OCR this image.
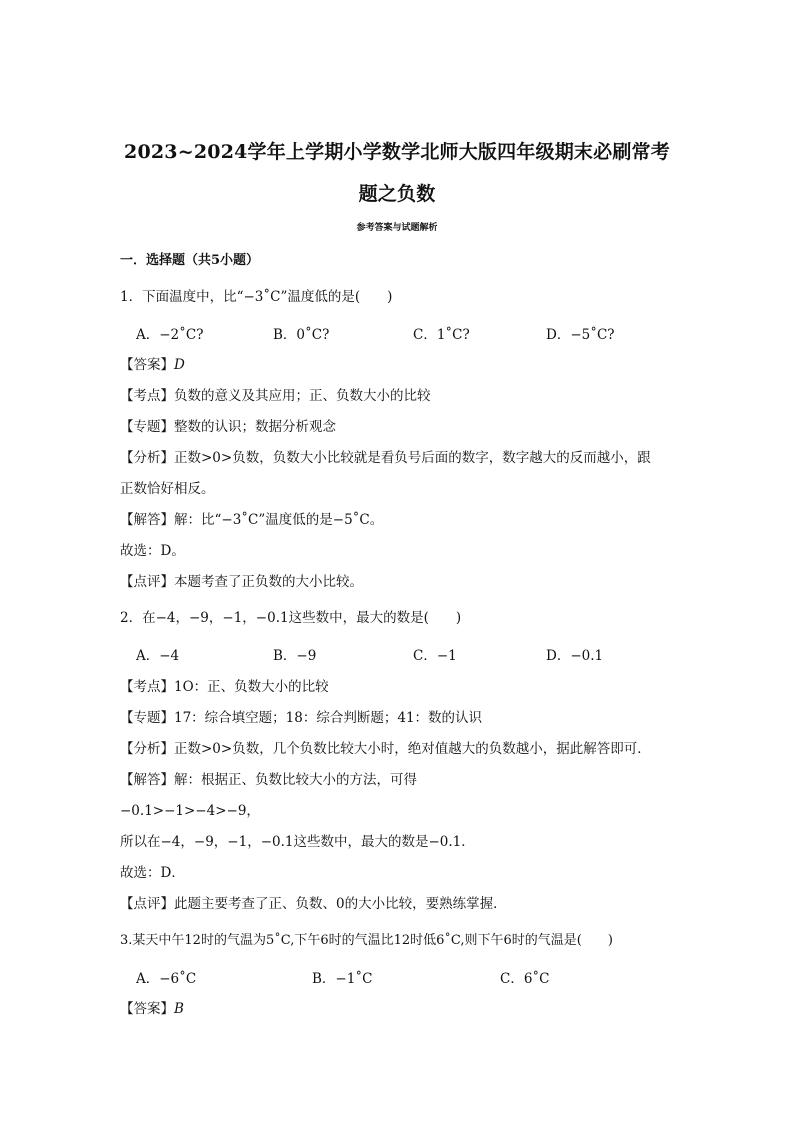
2023~2024学年上学期小学数学北师大版四年级期末必刷常考
题之负数
参考答案与试题解析
一．选择题（共5小题）
1．下面温度中，比“−3˚C”温度低的是(　　)
A．−2˚C?	B．0˚C?	C．1˚C?	D．−5˚C?
【答案】D
【考点】负数的意义及其应用；正、负数大小的比较
【专题】整数的认识；数据分析观念
【分析】正数>0>负数，负数大小比较就是看负号后面的数字，数字越大的反而越小，跟
正数恰好相反。
【解答】解：比“−3˚C”温度低的是−5˚C。
故选：D。
【点评】本题考查了正负数的大小比较。
2．在−4，−9，−1，−0.1这些数中，最大的数是(　　)
A．−4	B．−9	C．−1	D．−0.1
【考点】1O：正、负数大小的比较
【专题】17：综合填空题；18：综合判断题；41：数的认识
【分析】正数>0>负数，几个负数比较大小时，绝对值越大的负数越小，据此解答即可．
【解答】解：根据正、负数比较大小的方法，可得
−0.1>−1>−4>−9，
所以在−4，−9，−1，−0.1这些数中，最大的数是−0.1．
故选：D．
【点评】此题主要考查了正、负数、0的大小比较，要熟练掌握．
3.某天中午12时的气温为5˚C,下午6时的气温比12时低6˚C,则下午6时的气温是(　　)
A．−6˚C	B．−1˚C	C．6˚C
【答案】B
